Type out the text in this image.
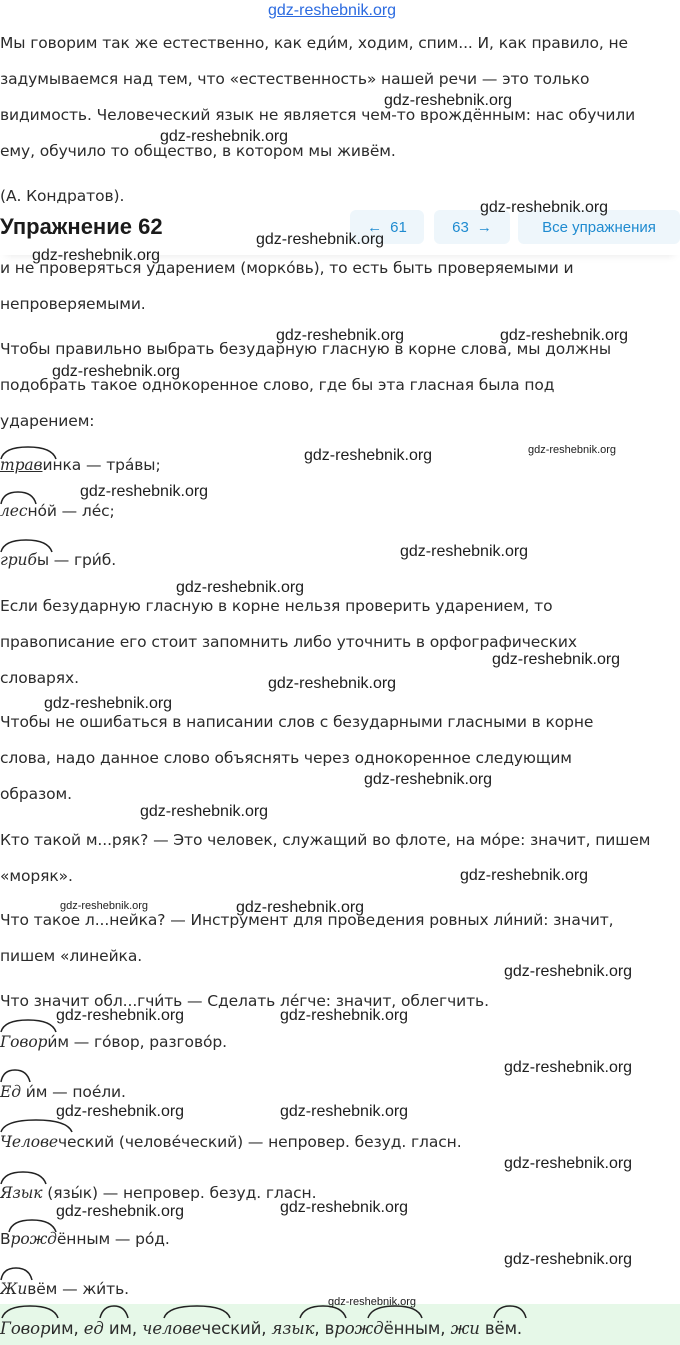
gdz-reshebnik.org
Мы говорим так же естественно, как еди́м, ходим, спим... И, как правило, не
задумываемся над тем, что «естественность» нашей речи — это только
видимость. Человеческий язык не является чем-то врождённым: нас обучили
ему, обучило то общество, в котором мы живём.
(А. Кондратов).
Упражнение 62	← 61	63 →	Все упражнения
и не проверяться ударением (морко́вь), то есть быть проверяемыми и
непроверяемыми.
Чтобы правильно выбрать безударную гласную в корне слова, мы должны
подобрать такое однокоренное слово, где бы эта гласная была под
ударением:
травинка — тра́вы;
лесно́й — ле́с;
грибы — гри́б.
Если безударную гласную в корне нельзя проверить ударением, то
правописание его стоит запомнить либо уточнить в орфографических
словарях.
Чтобы не ошибаться в написании слов с безударными гласными в корне
слова, надо данное слово объяснять через однокоренное следующим
образом.
Кто такой м...ряк? — Это человек, служащий во флоте, на мо́ре: значит, пишем
«моряк».
Что такое л...нейка? — Инструмент для проведения ровных ли́ний: значит,
пишем «линейка.
Что значит обл...гчи́ть — Сделать ле́гче: значит, облегчить.
Говори́м — го́вор, разгово́р.
Ед и́м — пое́ли.
Человеческий (челове́ческий) — непровер. безуд. гласн.
Язык (язы́к) — непровер. безуд. гласн.
Врождённым — ро́д.
Живём — жи́ть.
Говорим, ед им, человеческий, язык, врождённым, жи вём.
gdz-reshebnik.org
gdz-reshebnik.org
gdz-reshebnik.org
gdz-reshebnik.org
gdz-reshebnik.org
gdz-reshebnik.org	gdz-reshebnik.org
gdz-reshebnik.org
gdz-reshebnik.org	gdz-reshebnik.org
gdz-reshebnik.org
gdz-reshebnik.org
gdz-reshebnik.org
gdz-reshebnik.org
gdz-reshebnik.org
gdz-reshebnik.org
gdz-reshebnik.org
gdz-reshebnik.org
gdz-reshebnik.org
gdz-reshebnik.org	gdz-reshebnik.org
gdz-reshebnik.org
gdz-reshebnik.org	gdz-reshebnik.org
gdz-reshebnik.org
gdz-reshebnik.org	gdz-reshebnik.org
gdz-reshebnik.org
gdz-reshebnik.org
gdz-reshebnik.org
gdz-reshebnik.org
gdz-reshebnik.org
